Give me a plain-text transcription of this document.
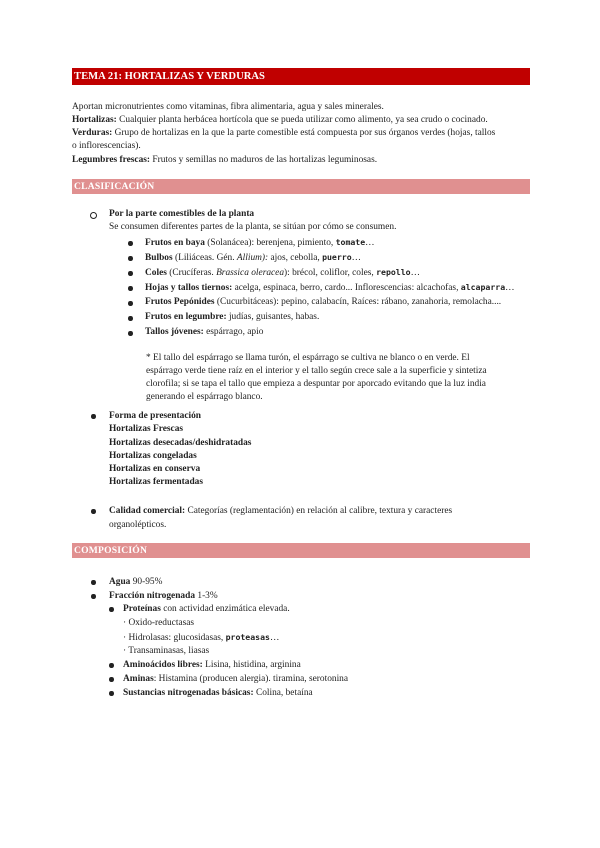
TEMA 21: HORTALIZAS Y VERDURAS
Aportan micronutrientes como vitaminas, fibra alimentaria, agua y sales minerales.
Hortalizas: Cualquier planta herbácea hortícola que se pueda utilizar como alimento, ya sea crudo o cocinado.
Verduras: Grupo de hortalizas en la que la parte comestible está compuesta por sus órganos verdes (hojas, tallos
o inflorescencias).
Legumbres frescas: Frutos y semillas no maduros de las hortalizas leguminosas.
CLASIFICACIÓN
Por la parte comestibles de la planta
Se consumen diferentes partes de la planta, se sitúan por cómo se consumen.
Frutos en baya (Solanácea): berenjena, pimiento, tomate…
Bulbos (Liliáceas. Gén. Allium): ajos, cebolla, puerro…
Coles (Crucíferas. Brassica oleracea): brécol, coliflor, coles, repollo…
Hojas y tallos tiernos: acelga, espinaca, berro, cardo... Inflorescencias: alcachofas, alcaparra…
Frutos Pepónides (Cucurbitáceas): pepino, calabacín, Raíces: rábano, zanahoria, remolacha....
Frutos en legumbre: judías, guisantes, habas.
Tallos jóvenes: espárrago, apio
* El tallo del espárrago se llama turón, el espárrago se cultiva ne blanco o en verde. El
espárrago verde tiene raíz en el interior y el tallo según crece sale a la superficie y sintetiza
clorofila; si se tapa el tallo que empieza a despuntar por aporcado evitando que la luz india
generando el espárrago blanco.
Forma de presentación
Hortalizas Frescas
Hortalizas desecadas/deshidratadas
Hortalizas congeladas
Hortalizas en conserva
Hortalizas fermentadas
Calidad comercial: Categorías (reglamentación) en relación al calibre, textura y caracteres
organolépticos.
COMPOSICIÓN
Agua 90-95%
Fracción nitrogenada 1-3%
Proteínas con actividad enzimática elevada.
· Oxido-reductasas
· Hidrolasas: glucosidasas, proteasas…
· Transaminasas, liasas
Aminoácidos libres: Lisina, histidina, arginina
Aminas: Histamina (producen alergia). tiramina, serotonina
Sustancias nitrogenadas básicas: Colina, betaína
